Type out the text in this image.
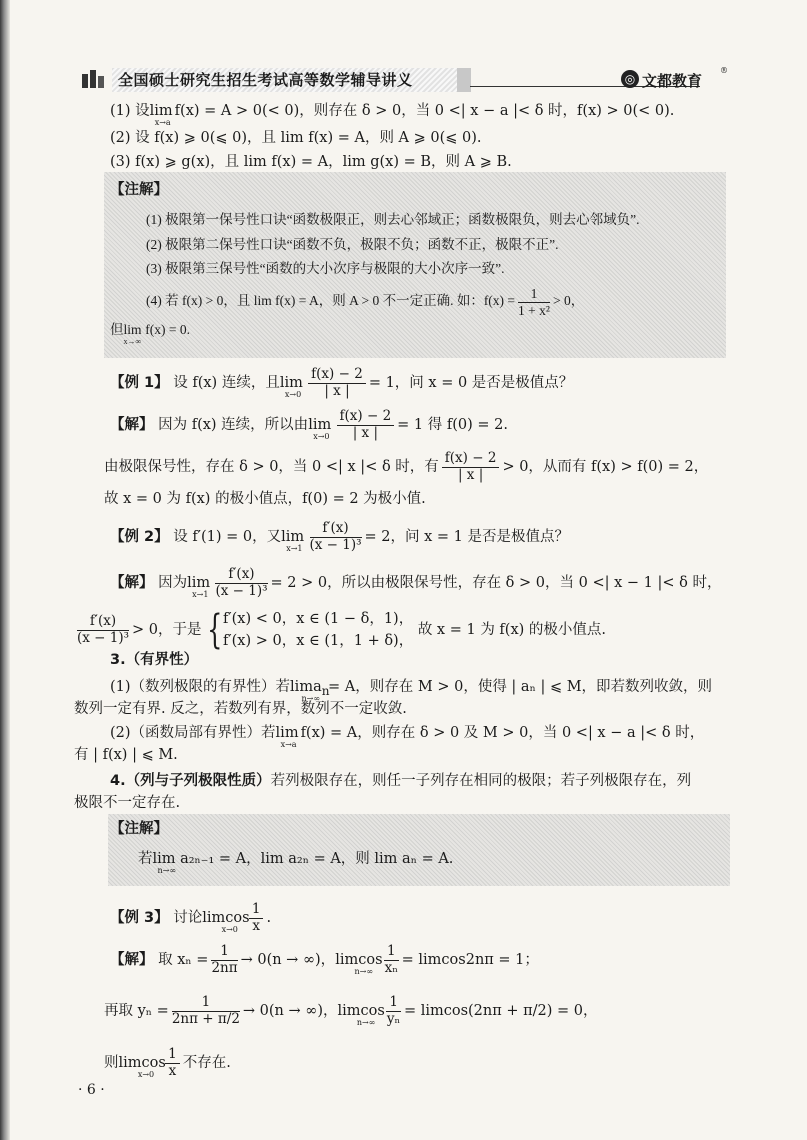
全国硕士研究生招生考试高等数学辅导讲义	◎ 文都教育
®
(1) 设$\lim_{x\to a}f(x) = A > 0(< 0)$，则存在 δ > 0，当 0 <| x − a |< δ 时，f(x) > 0(< 0).
(2) 设 f(x) ⩾ 0(⩽ 0)，且 lim f(x) = A，则 A ⩾ 0(⩽ 0).
(3) f(x) ⩾ g(x)，且 lim f(x) = A，lim g(x) = B，则 A ⩾ B.
【注解】
(1) 极限第一保号性口诀“函数极限正，则去心邻域正；函数极限负，则去心邻域负”.
(2) 极限第二保号性口诀“函数不负，极限不负；函数不正，极限不正”.
(3) 极限第三保号性“函数的大小次序与极限的大小次序一致”.
(4) 若 f(x) > 0，且 lim f(x) = A，则 A > 0 不一定正确. 如：$f(x) = \frac{1}{\text{1 + x²}} > 0$，
但$\lim_{x\to\infty}f(x) = 0$.
【例 1】 设 f(x) 连续，且$\lim_{x\to 0} \frac{f(x) - 2}{| x |} = 1$，问 x = 0 是否是极值点？
【解】 因为 f(x) 连续，所以由$\lim_{x\to 0} \frac{f(x) - 2}{| x |} = 1$ 得 f(0) = 2.
由极限保号性，存在 δ > 0，当 0 <| x |< δ 时，有 $\frac{f(x) - 2}{| x |} > 0$，从而有 f(x) > f(0) = 2，
故 x = 0 为 f(x) 的极小值点，f(0) = 2 为极小值.
【例 2】 设 f′(1) = 0，又$\lim_{x\to 1} \frac{f'(x)}{\text{(x − 1)³}} = 2$，问 x = 1 是否是极值点？
【解】 因为$\lim_{x\to 1} \frac{f'(x)}{\text{(x − 1)³}} = 2 > 0$，所以由极限保号性，存在 δ > 0，当 0 <| x − 1 |< δ 时，
$\frac{f'(x)}{\text{(x − 1)³}} > 0$，于是 { f′(x) < 0，x ∈ (1 − δ，1)，
f′(x) > 0，x ∈ (1，1 + δ)，
故 x = 1 为 f(x) 的极小值点.
3.（有界性）
(1)（数列极限的有界性）若lima$_{nn\to\infty}$= A，则存在 M > 0，使得 | aₙ | ⩽ M，即若数列收敛，则
数列一定有界. 反之，若数列有界，数列不一定收敛.
(2)（函数局部有界性）若$\lim_{x\to a}f(x) = A$，则存在 δ > 0 及 M > 0，当 0 <| x − a |< δ 时，
有 | f(x) | ⩽ M.
4.（列与子列极限性质）若列极限存在，则任一子列存在相同的极限；若子列极限存在，列
极限不一定存在.
【注解】
若$\lim_{n\to\infty}a_{2n-1} = A$，lim a₂ₙ = A，则 lim aₙ = A.
【例 3】 讨论$limcos_{x\to 0} \frac{1}{x}$ .
【解】 取 $x_n = \frac{1}{2n\pi} \to 0(n$ → ∞)，$limcos_{n\to\infty} \frac{1}{\text{xₙ}} = limcos2n\pi = 1$；
再取 $y_n = \frac{1}{2n\pi + \pi/2} \to 0(n$ → ∞)，$limcos_{n\to\infty} \frac{1}{\text{yₙ}} = limcos(2n\pi + \pi/2) = 0$，
则$limcos_{x\to 0} \frac{1}{x}$ 不存在.
· 6 ·
